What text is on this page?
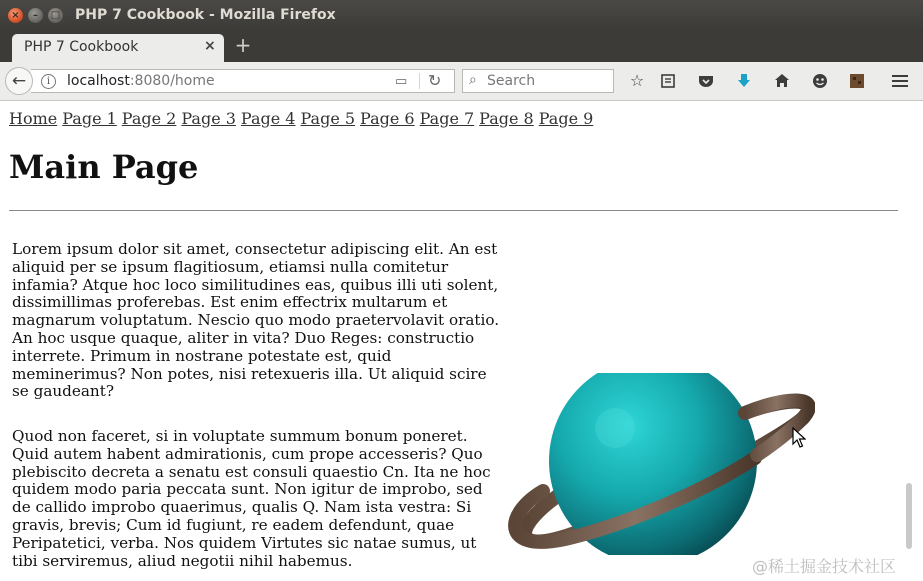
×	–	□ PHP 7 Cookbook - Mozilla Firefox
PHP 7 Cookbook	× +
i	localhost:8080/home	▭ ↻
←	⌕ Search	☆
Home Page 1 Page 2 Page 3 Page 4 Page 5 Page 6 Page 7 Page 8 Page 9
Main Page

Lorem ipsum dolor sit amet, consectetur adipiscing elit. An est aliquid per se ipsum flagitiosum, etiamsi nulla comitetur infamia? Atque hoc loco similitudines eas, quibus illi uti solent, dissimillimas proferebas. Est enim effectrix multarum et magnarum voluptatum. Nescio quo modo praetervolavit oratio. An hoc usque quaque, aliter in vita? Duo Reges: constructio interrete. Primum in nostrane potestate est, quid meminerimus? Non potes, nisi retexueris illa. Ut aliquid scire se gaudeant?

Quod non faceret, si in voluptate summum bonum poneret. Quid autem habent admirationis, cum prope accesseris? Quo plebiscito decreta a senatu est consuli quaestio Cn. Ita ne hoc quidem modo paria peccata sunt. Non igitur de improbo, sed de callido improbo quaerimus, qualis Q. Nam ista vestra: Si gravis, brevis; Cum id fugiunt, re eadem defendunt, quae Peripatetici, verba. Nos quidem Virtutes sic natae sumus, ut tibi serviremus, aliud negotii nihil habemus.	@稀土掘金技术社区
